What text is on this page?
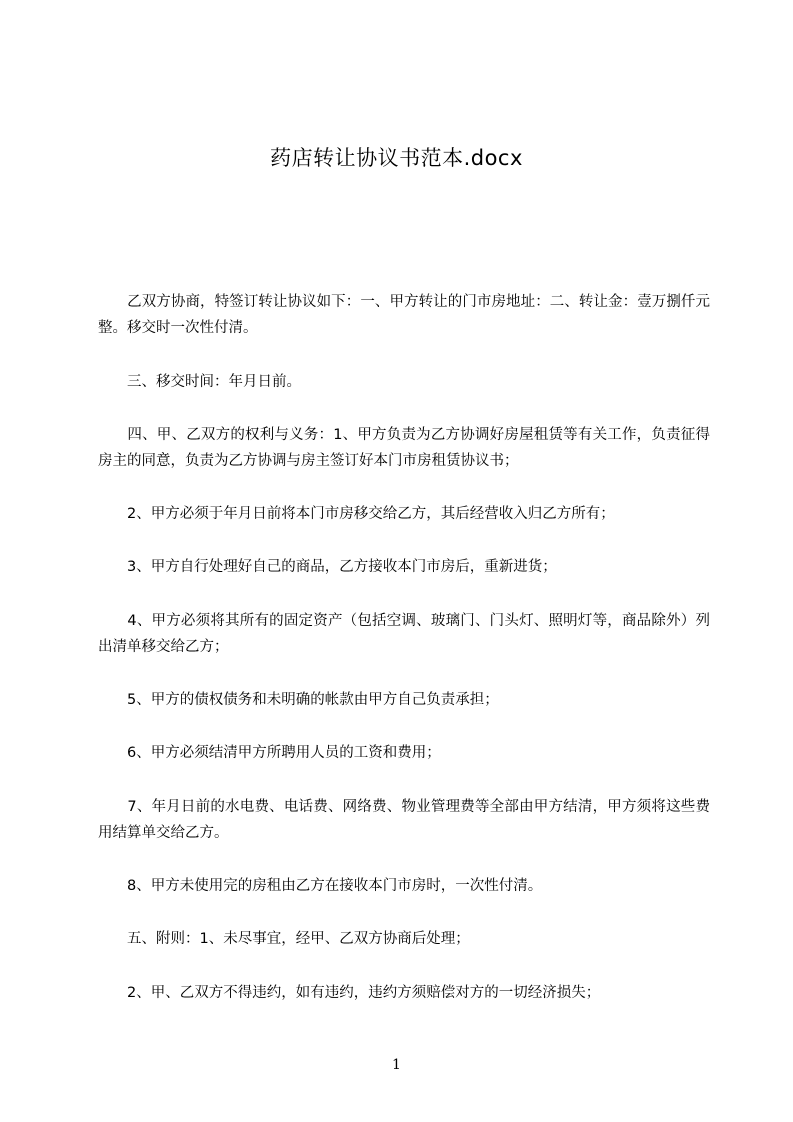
药店转让协议书范本.docx

　　乙双方协商，特签订转让协议如下：一、甲方转让的门市房地址：二、转让金：壹万捌仟元整。移交时一次性付清。

　　三、移交时间：年月日前。

　　四、甲、乙双方的权利与义务：1、甲方负责为乙方协调好房屋租赁等有关工作，负责征得房主的同意，负责为乙方协调与房主签订好本门市房租赁协议书；

　　2、甲方必须于年月日前将本门市房移交给乙方，其后经营收入归乙方所有；

　　3、甲方自行处理好自己的商品，乙方接收本门市房后，重新进货；

　　4、甲方必须将其所有的固定资产（包括空调、玻璃门、门头灯、照明灯等，商品除外）列出清单移交给乙方；

　　5、甲方的债权债务和未明确的帐款由甲方自己负责承担；

　　6、甲方必须结清甲方所聘用人员的工资和费用；

　　7、年月日前的水电费、电话费、网络费、物业管理费等全部由甲方结清，甲方须将这些费用结算单交给乙方。

　　8、甲方未使用完的房租由乙方在接收本门市房时，一次性付清。

　　五、附则：1、未尽事宜，经甲、乙双方协商后处理；

　　2、甲、乙双方不得违约，如有违约，违约方须赔偿对方的一切经济损失；

1
